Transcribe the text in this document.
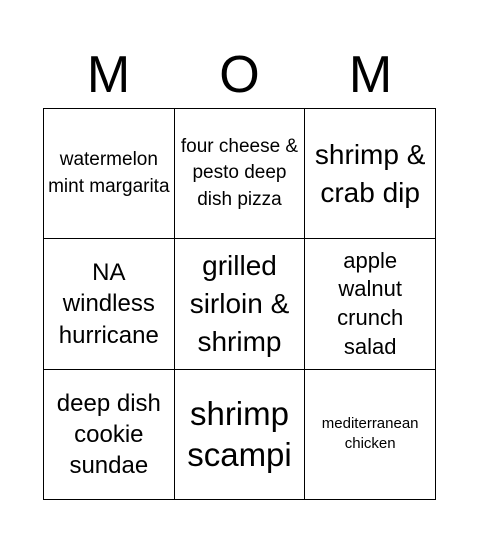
M	O	M
watermelon mint margarita
four cheese & pesto deep dish pizza
shrimp & crab dip
NA windless hurricane
grilled sirloin & shrimp
apple walnut crunch salad
deep dish cookie sundae
shrimp scampi
mediterranean chicken
